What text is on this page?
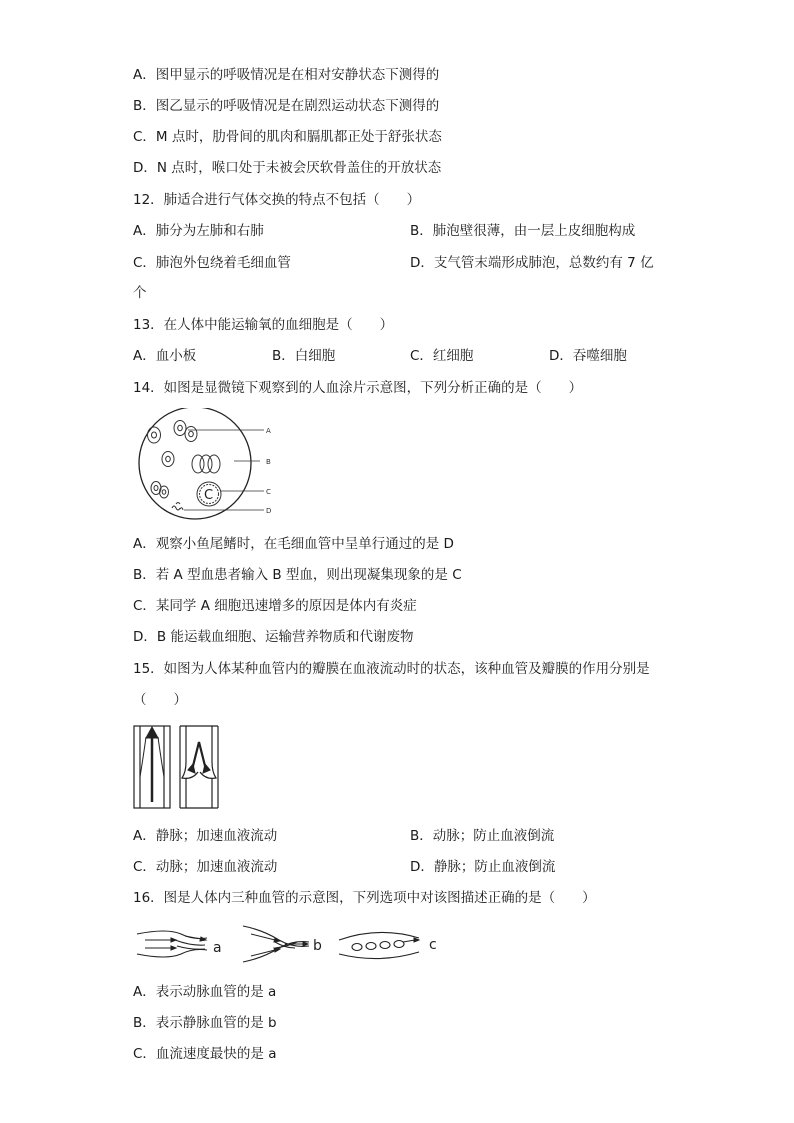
A．图甲显示的呼吸情况是在相对安静状态下测得的
B．图乙显示的呼吸情况是在剧烈运动状态下测得的
C．M 点时，肋骨间的肌肉和膈肌都正处于舒张状态
D．N 点时，喉口处于未被会厌软骨盖住的开放状态
12．肺适合进行气体交换的特点不包括（　　）
A．肺分为左肺和右肺	B．肺泡壁很薄，由一层上皮细胞构成
C．肺泡外包绕着毛细血管	D．支气管末端形成肺泡，总数约有 7 亿
个
13．在人体中能运输氧的血细胞是（　　）
A．血小板	B．白细胞	C．红细胞	D．吞噬细胞
14．如图是显微镜下观察到的人血涂片示意图，下列分析正确的是（　　）
C
A
B
C
D
A．观察小鱼尾鳍时，在毛细血管中呈单行通过的是 D
B．若 A 型血患者输入 B 型血，则出现凝集现象的是 C
C．某同学 A 细胞迅速增多的原因是体内有炎症
D．B 能运载血细胞、运输营养物质和代谢废物
15．如图为人体某种血管内的瓣膜在血液流动时的状态，该种血管及瓣膜的作用分别是
（　　）
A．静脉；加速血液流动	B．动脉；防止血液倒流
C．动脉；加速血液流动	D．静脉；防止血液倒流
16．图是人体内三种血管的示意图，下列选项中对该图描述正确的是（　　）
a	b	c
A．表示动脉血管的是 a
B．表示静脉血管的是 b
C．血流速度最快的是 a
